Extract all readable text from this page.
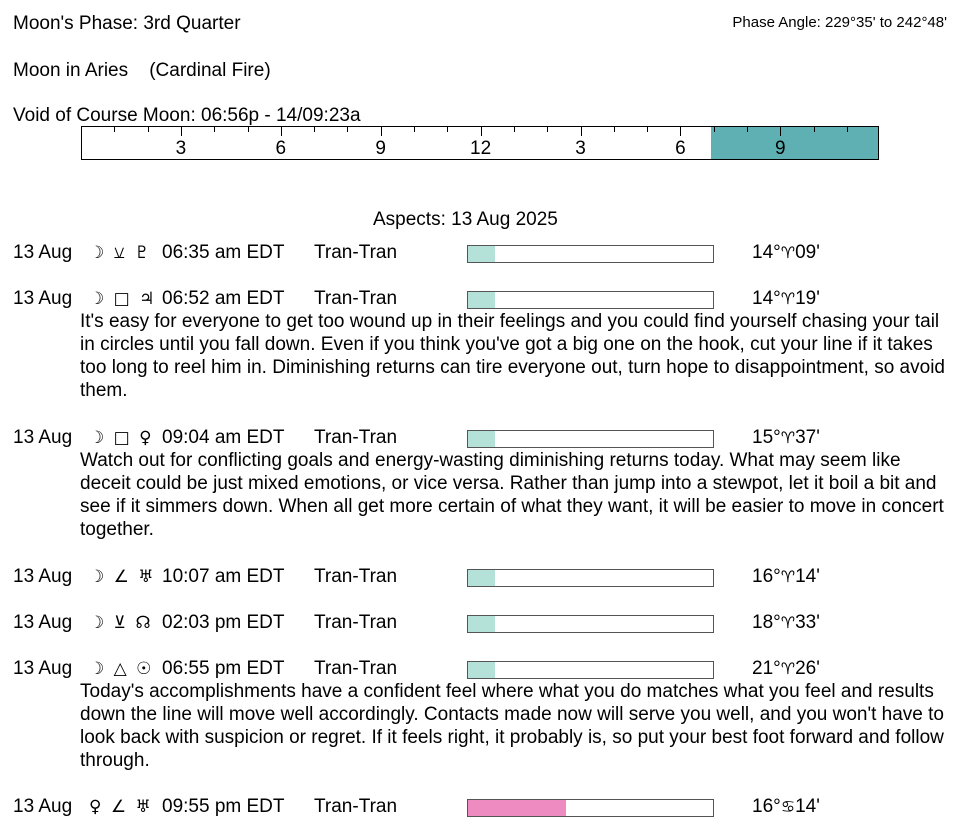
Moon's Phase: 3rd Quarter	Phase Angle: 229°35' to 242°48'
Moon in Aries    (Cardinal Fire)
Void of Course Moon: 06:56p - 14/09:23a
3	6	9	12	3	6	9
Aspects: 13 Aug 2025
13 Aug ☽ ⚺ ♇ 06:35 am EDT Tran-Tran	14°♈09'
13 Aug ☽ □ ♃ 06:52 am EDT Tran-Tran	14°♈19'
It's easy for everyone to get too wound up in their feelings and you could find yourself chasing your tail in circles until you fall down. Even if you think you've got a big one on the hook, cut your line if it takes too long to reel him in. Diminishing returns can tire everyone out, turn hope to disappointment, so avoid them.
13 Aug ☽ □ ♀ 09:04 am EDT Tran-Tran	15°♈37'
Watch out for conflicting goals and energy-wasting diminishing returns today. What may seem like deceit could be just mixed emotions, or vice versa. Rather than jump into a stewpot, let it boil a bit and see if it simmers down. When all get more certain of what they want, it will be easier to move in concert together.
13 Aug ☽ ∠ ♅ 10:07 am EDT Tran-Tran	16°♈14'
13 Aug ☽ ⊻ ☊ 02:03 pm EDT Tran-Tran	18°♈33'
13 Aug ☽ △ ☉ 06:55 pm EDT Tran-Tran	21°♈26'
Today's accomplishments have a confident feel where what you do matches what you feel and results down the line will move well accordingly. Contacts made now will serve you well, and you won't have to look back with suspicion or regret. If it feels right, it probably is, so put your best foot forward and follow through.
13 Aug ♀ ∠ ♅ 09:55 pm EDT Tran-Tran	16°♋14'
